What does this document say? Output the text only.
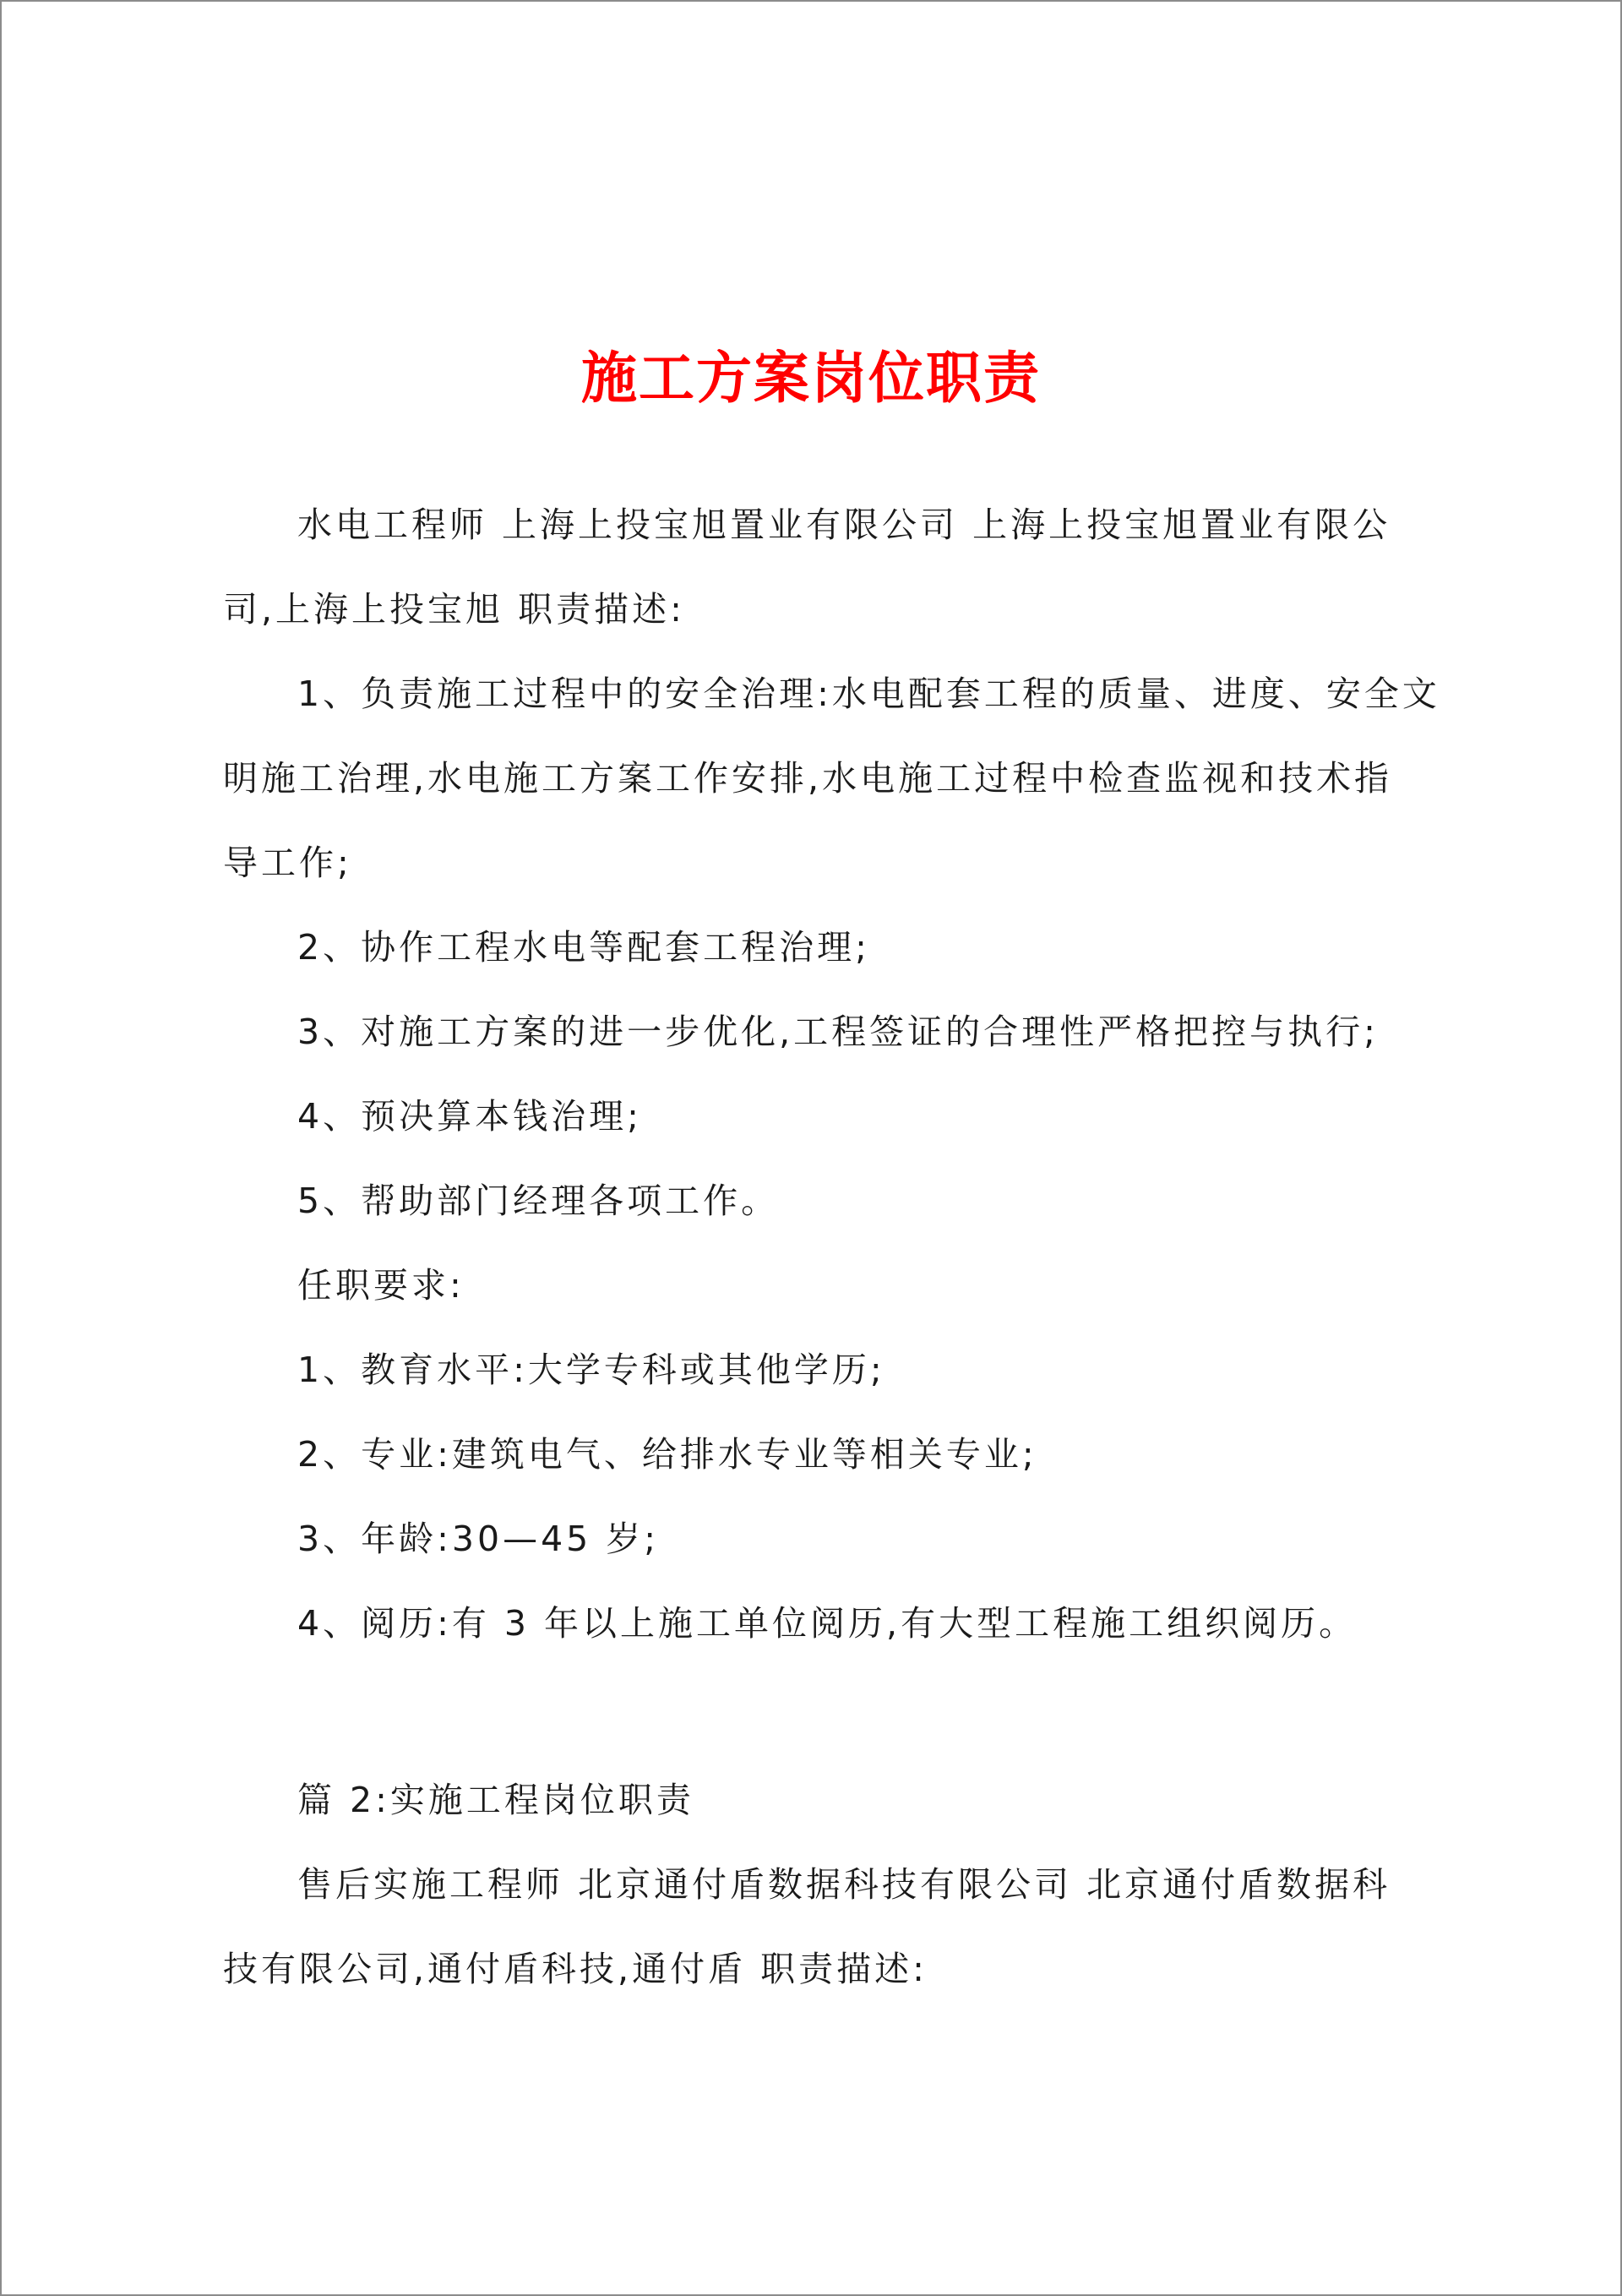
施工方案岗位职责
水电工程师 上海上投宝旭置业有限公司 上海上投宝旭置业有限公
司,上海上投宝旭 职责描述:
1、负责施工过程中的安全治理:水电配套工程的质量、进度、安全文
明施工治理,水电施工方案工作安排,水电施工过程中检查监视和技术指
导工作;
2、协作工程水电等配套工程治理;
3、对施工方案的进一步优化,工程签证的合理性严格把控与执行;
4、预决算本钱治理;
5、帮助部门经理各项工作。
任职要求:
1、教育水平:大学专科或其他学历;
2、专业:建筑电气、给排水专业等相关专业;
3、年龄:30—45 岁;
4、阅历:有 3 年以上施工单位阅历,有大型工程施工组织阅历。
篇 2:实施工程岗位职责
售后实施工程师 北京通付盾数据科技有限公司 北京通付盾数据科
技有限公司,通付盾科技,通付盾 职责描述:
